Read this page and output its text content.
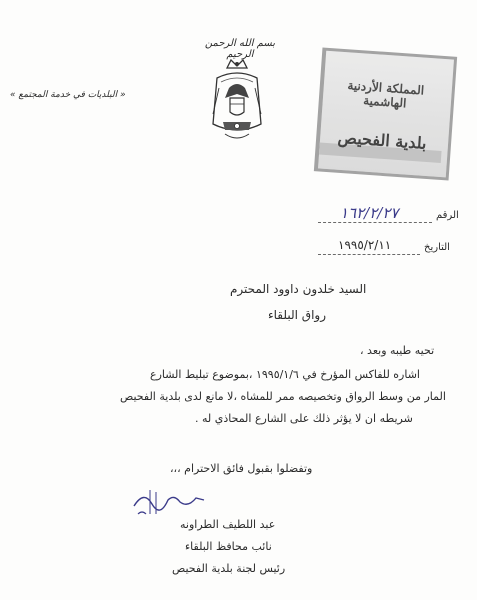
بسم الله الرحمن الرحيم
« البلديات في خدمة المجتمع »	المملكة الأردنية الهاشمية
بلدية الفحيص
الرقم
١٦٢/٢/٢٧
التاريخ
١٩٩٥/٢/١١
السيد خلدون داوود المحترم
رواق البلقاء
تحيه طيبه وبعد ،
اشاره للفاكس المؤرخ في ١٩٩٥/١/٦ ،بموضوع تبليط الشارع
المار من وسط الرواق وتخصيصه ممر للمشاه ،لا مانع لدى بلدية الفحيص
شريطه ان لا يؤثر ذلك على الشارع المحاذي له .
وتفضلوا بقبول فائق الاحترام ،،،
عبد اللطيف الطراونه
نائب محافظ البلقاء
رئيس لجنة بلدية الفحيص
